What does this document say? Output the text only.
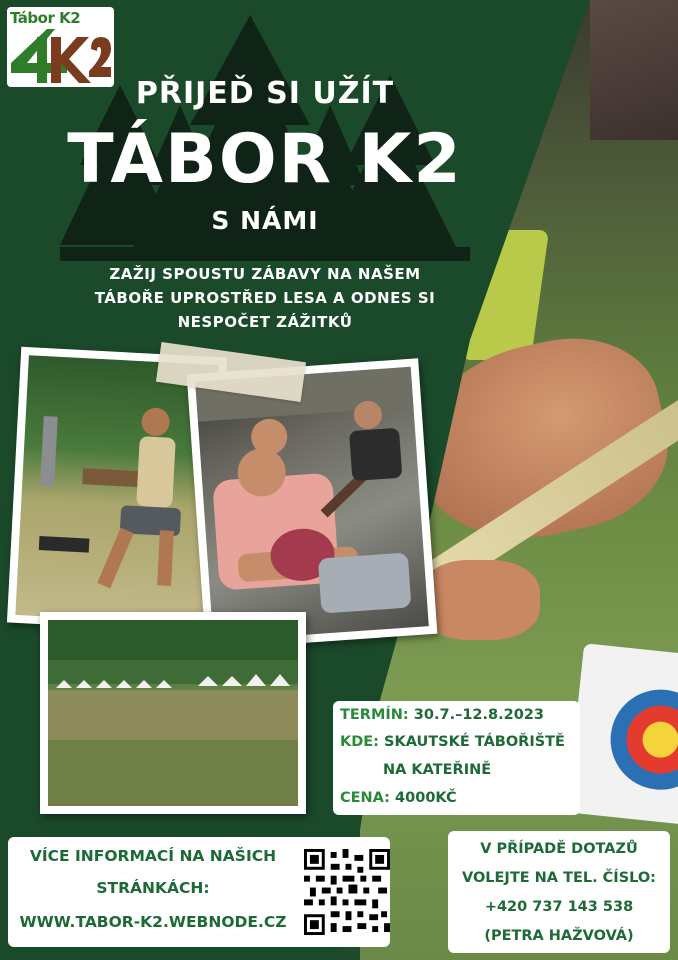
Tábor K2
PŘIJEĎ SI UŽÍT
TÁBOR K2
S NÁMI
ZAŽIJ SPOUSTU ZÁBAVY NA NAŠEM
TÁBOŘE UPROSTŘED LESA A ODNES SI
NESPOČET ZÁŽITKŮ
TERMÍN: 30.7.–12.8.2023
KDE: SKAUTSKÉ TÁBOŘIŠTĚ
NA KATEŘINĚ
CENA: 4000KČ
V PŘÍPADĚ DOTAZŮ
VOLEJTE NA TEL. ČÍSLO:
+420 737 143 538
(PETRA HAŽVOVÁ)
VÍCE INFORMACÍ NA NAŠICH
STRÁNKÁCH:
WWW.TABOR-K2.WEBNODE.CZ
